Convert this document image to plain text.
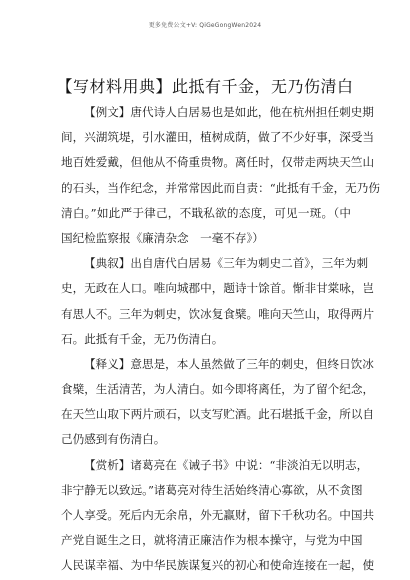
更多免费公文+V: QiGeGongWen2024
【写材料用典】此抵有千金，无乃伤清白
【例文】唐代诗人白居易也是如此，他在杭州担任刺史期
间，兴湖筑堤，引水灌田，植树成荫，做了不少好事，深受当
地百姓爱戴，但他从不倚重贵物。离任时，仅带走两块天竺山
的石头，当作纪念，并常常因此而自责：“此抵有千金，无乃伤
清白。”如此严于律己，不戢私欲的态度，可见一斑。（中
国纪检监察报《廉清杂念　一毫不存》）
【典叙】出自唐代白居易《三年为刺史二首》，三年为刺
史，无政在人口。唯向城郡中，题诗十馀首。惭非甘棠咏，岂
有思人不。三年为刺史，饮冰复食檗。唯向天竺山，取得两片
石。此抵有千金，无乃伤清白。
【释义】意思是，本人虽然做了三年的刺史，但终日饮冰
食檗，生活清苦，为人清白。如今即将离任，为了留个纪念，
在天竺山取下两片顽石，以支写贮酒。此石堪抵千金，所以自
己仍感到有伤清白。
【赏析】诸葛亮在《诫子书》中说：“非淡泊无以明志，
非宁静无以致远。”诸葛亮对待生活始终清心寡欲，从不贪图
个人享受。死后内无余帛，外无赢财，留下千秋功名。中国共
产党自诞生之日，就将清正廉洁作为根本操守，与党为中国
人民谋幸福、为中华民族谋复兴的初心和使命连接在一起，使
